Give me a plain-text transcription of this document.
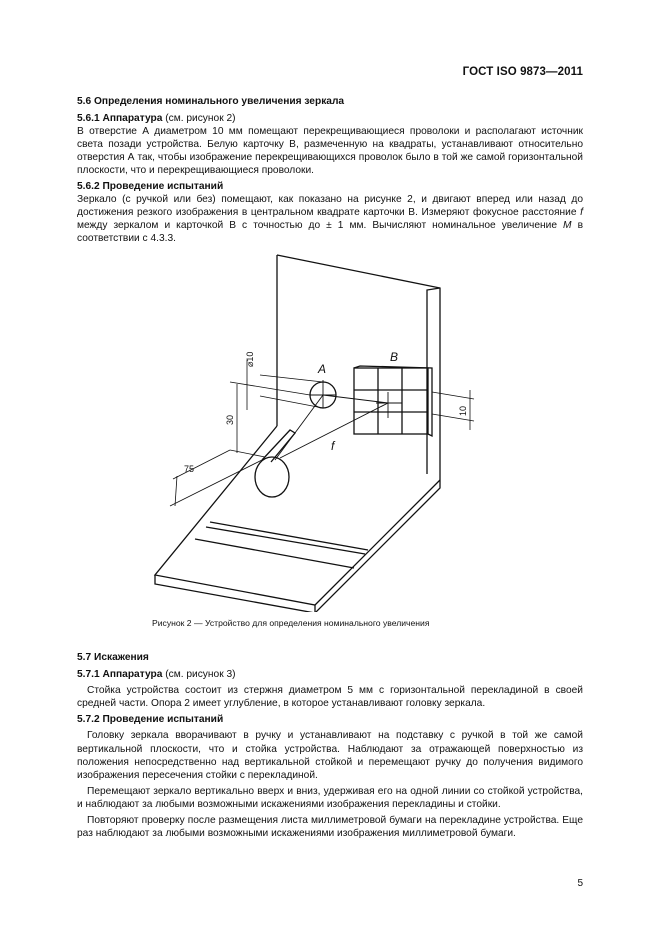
ГОСТ ISO 9873—2011

5.6 Определения номинального увеличения зеркала

5.6.1 Аппаратура (см. рисунок 2)

В отверстие А диаметром 10 мм помещают перекрещивающиеся проволоки и располагают источник света позади устройства. Белую карточку В, размеченную на квадраты, устанавливают относительно отверстия А так, чтобы изображение перекрещивающихся проволок было в той же самой горизонтальной плоскости, что и перекрещивающиеся проволоки.

5.6.2 Проведение испытаний

Зеркало (с ручкой или без) помещают, как показано на рисунке 2, и двигают вперед или назад до достижения резкого изображения в центральном квадрате карточки В. Измеряют фокусное расстояние f между зеркалом и карточкой В с точностью до ± 1 мм. Вычисляют номинальное увеличение M в соответствии с 4.3.3.

A
B
f
⌀10
30
75
10
Рисунок 2 — Устройство для определения номинального увеличения

5.7 Искажения

5.7.1 Аппаратура (см. рисунок 3)

Стойка устройства состоит из стержня диаметром 5 мм с горизонтальной перекладиной в своей средней части. Опора 2 имеет углубление, в которое устанавливают головку зеркала.

5.7.2 Проведение испытаний

Головку зеркала вворачивают в ручку и устанавливают на подставку с ручкой в той же самой вертикальной плоскости, что и стойка устройства. Наблюдают за отражающей поверхностью из положения непосредственно над вертикальной стойкой и перемещают ручку до получения видимого изображения пересечения стойки с перекладиной.

Перемещают зеркало вертикально вверх и вниз, удерживая его на одной линии со стойкой устройства, и наблюдают за любыми возможными искажениями изображения перекладины и стойки.

Повторяют проверку после размещения листа миллиметровой бумаги на перекладине устройства. Еще раз наблюдают за любыми возможными искажениями изображения миллиметровой бумаги.

5
